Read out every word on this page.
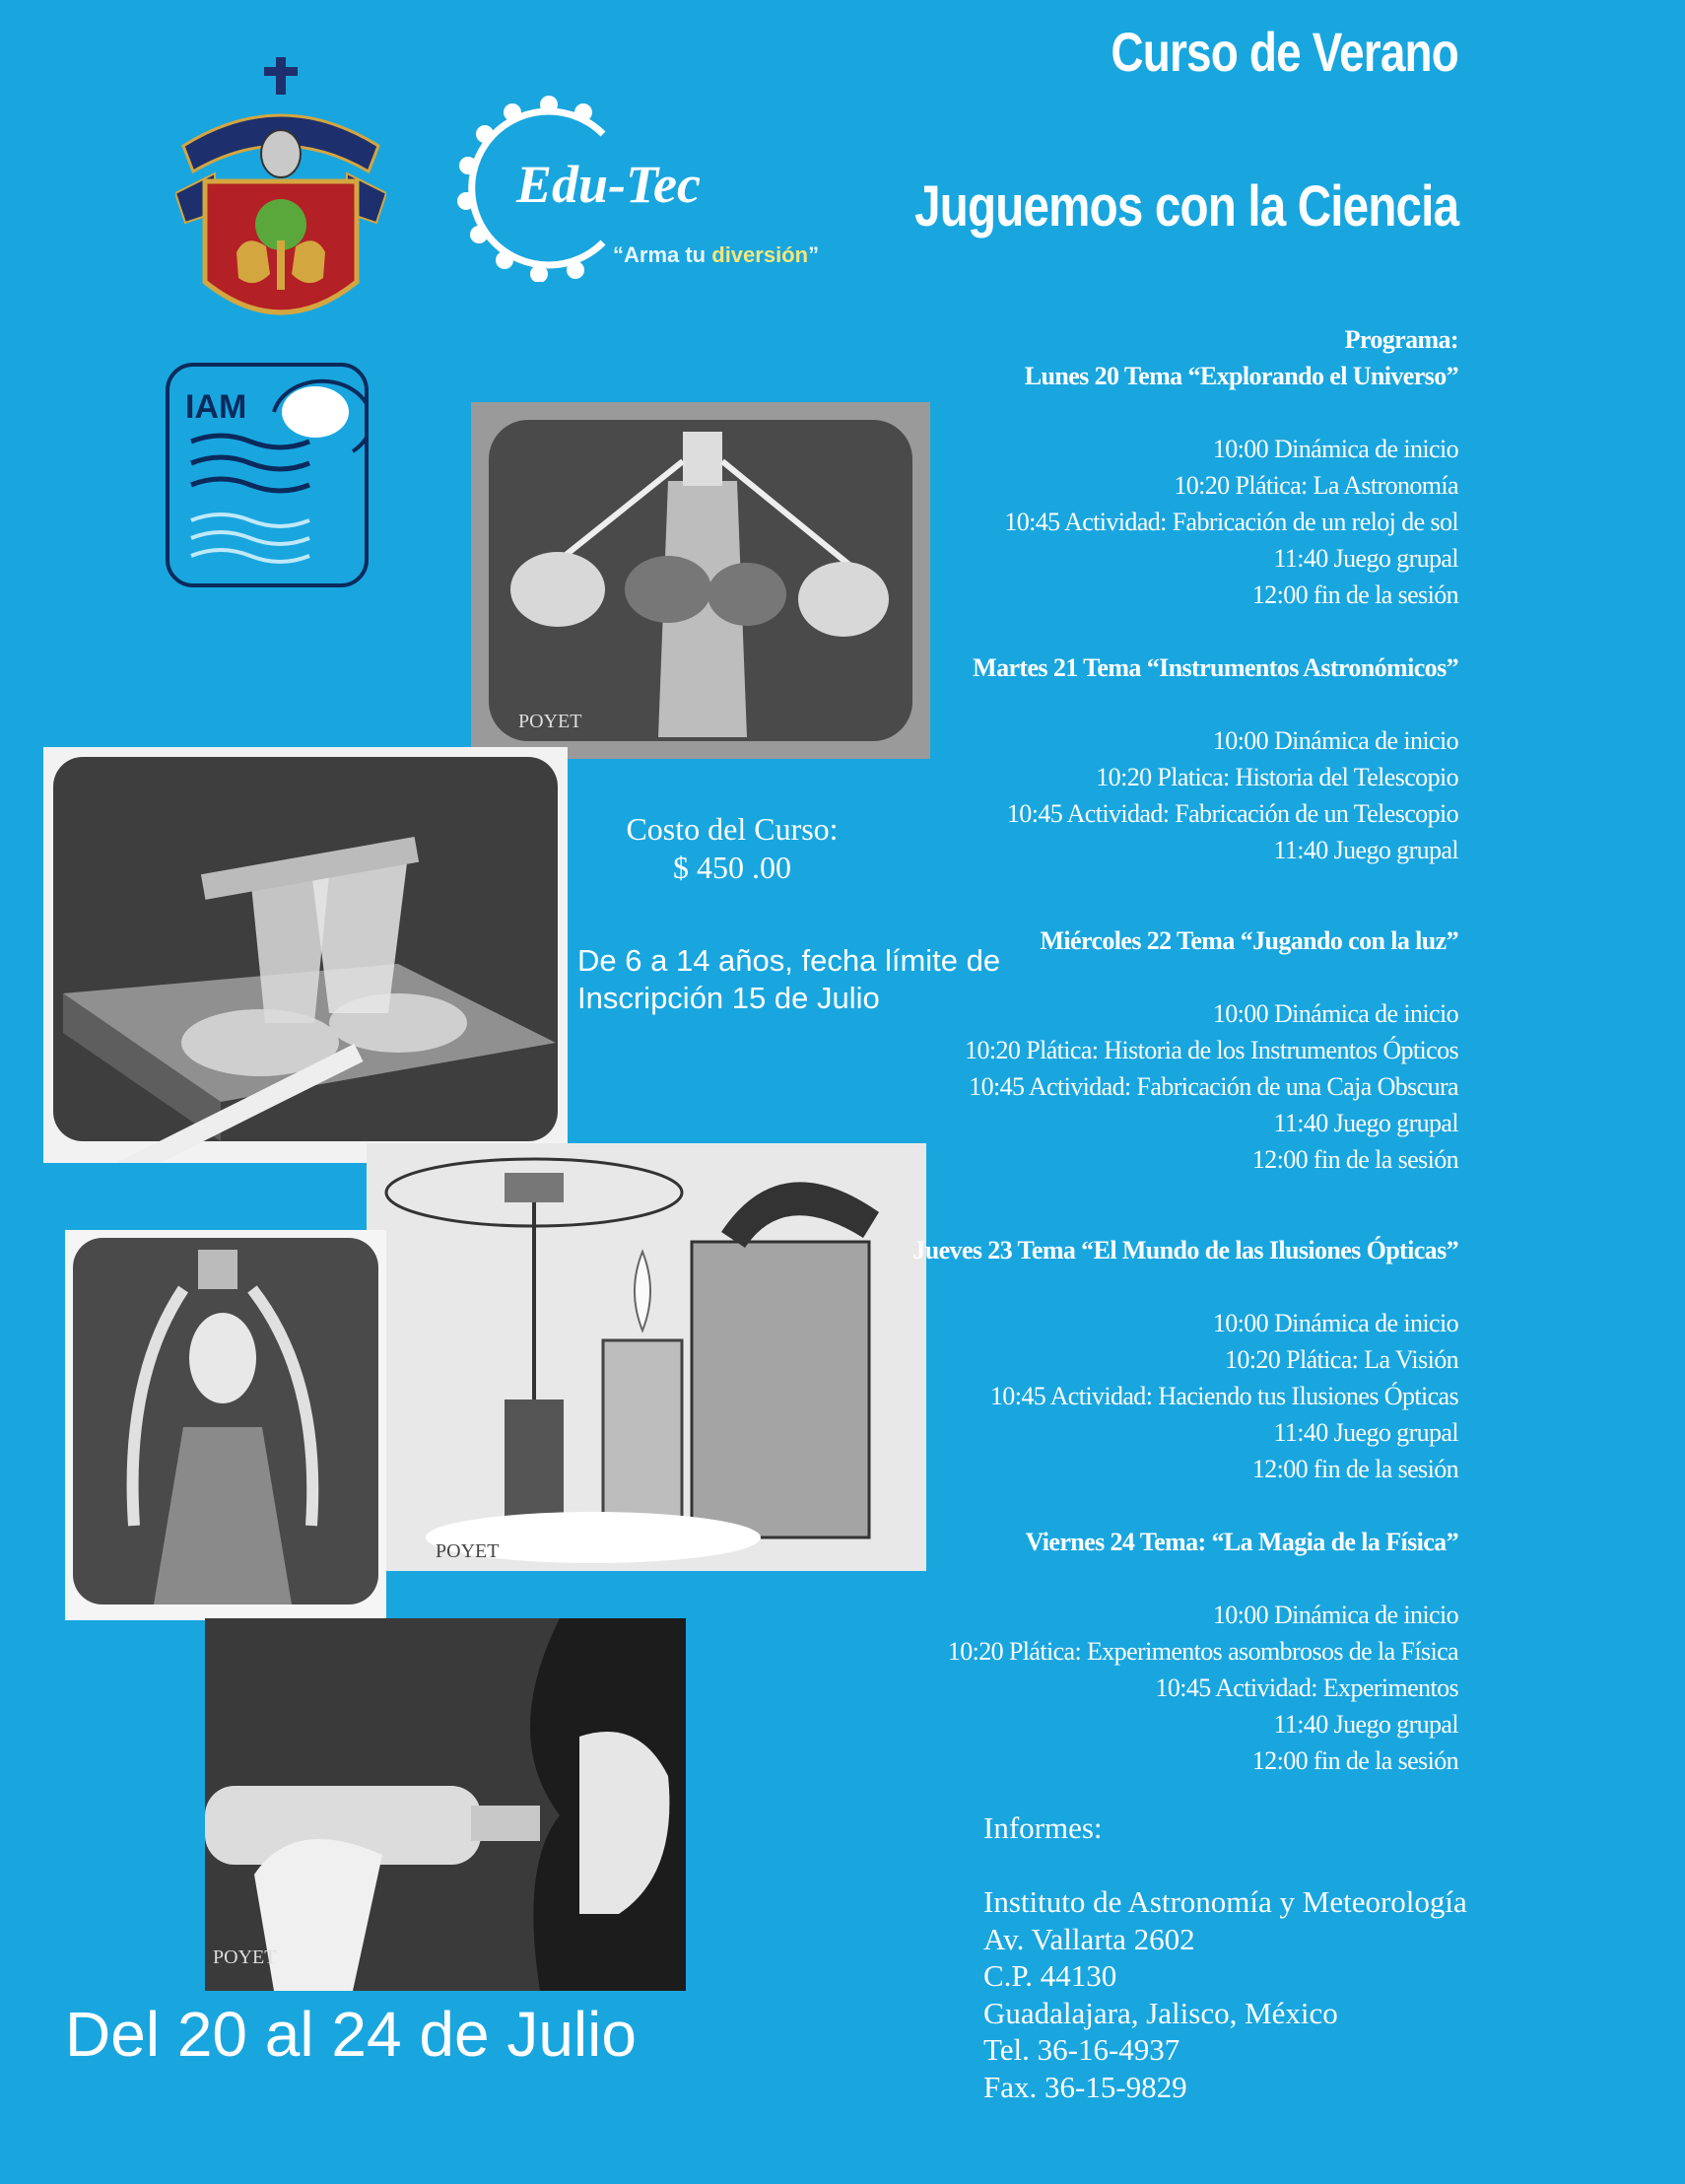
Curso de Verano
Juguemos con la Ciencia
Edu-Tec
“Arma tu diversión”
IAM
POYET
POYET
POYET
Costo del Curso:

$ 450 .00
De 6 a 14 años, fecha límite de Inscripción 15 de Julio
Programa:
Lunes 20 Tema “Explorando el Universo”
10:00 Dinámica de inicio
10:20 Plática: La Astronomía
10:45 Actividad: Fabricación de un reloj de sol
11:40 Juego grupal
12:00 fin de la sesión
Martes 21 Tema “Instrumentos Astronómicos”
10:00 Dinámica de inicio
10:20 Platica: Historia del Telescopio
10:45 Actividad: Fabricación de un Telescopio
11:40 Juego grupal
Miércoles 22 Tema “Jugando con la luz”
10:00 Dinámica de inicio
10:20 Plática: Historia de los Instrumentos Ópticos
10:45 Actividad: Fabricación de una Caja Obscura
11:40 Juego grupal
12:00 fin de la sesión
Jueves 23 Tema “El Mundo de las Ilusiones Ópticas”
10:00 Dinámica de inicio
10:20 Plática: La Visión
10:45 Actividad: Haciendo tus Ilusiones Ópticas
11:40 Juego grupal
12:00 fin de la sesión
Viernes 24 Tema: “La Magia de la Física”
10:00 Dinámica de inicio
10:20 Plática: Experimentos asombrosos de la Física
10:45 Actividad: Experimentos
11:40 Juego grupal
12:00 fin de la sesión
Informes:
Instituto de Astronomía y Meteorología
Av. Vallarta 2602
C.P. 44130
Guadalajara, Jalisco, México
Tel. 36-16-4937
Fax. 36-15-9829
Del 20 al 24 de Julio
